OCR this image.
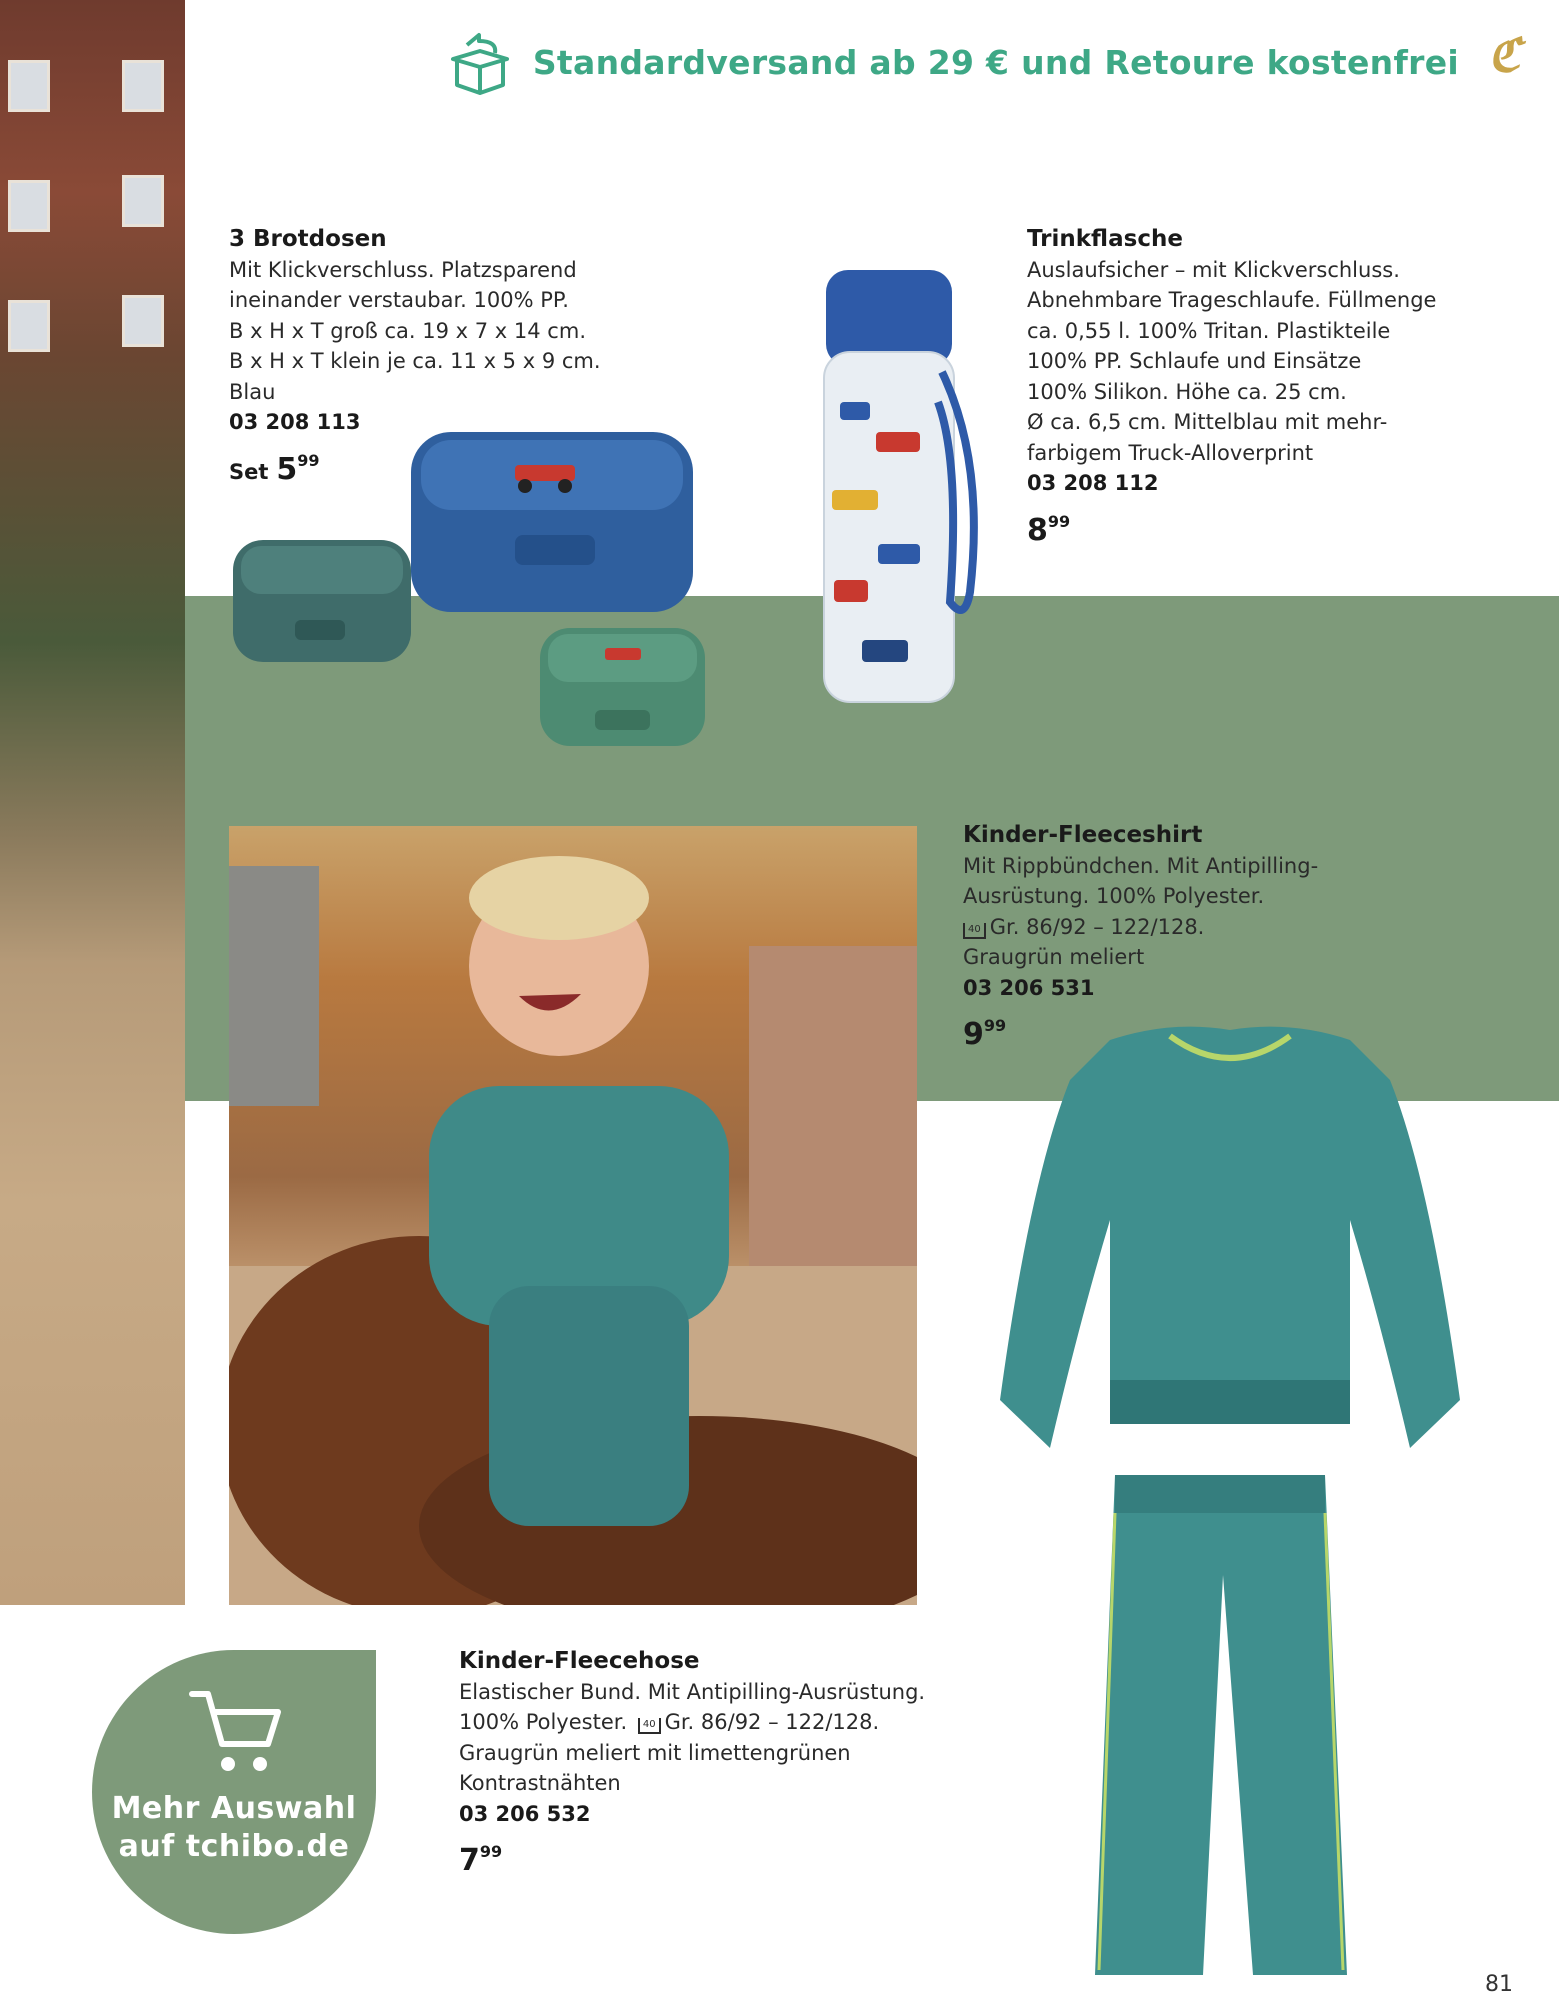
Standardversand ab 29 € und Retoure kostenfrei ℭ
3 Brotdosen
Mit Klickverschluss. Platzsparend
ineinander verstaubar. 100% PP.
B x H x T groß ca. 19 x 7 x 14 cm.
B x H x T klein je ca. 11 x 5 x 9 cm.
Blau
03 208 113
Set $5^{99}$
Trinkflasche
Auslaufsicher – mit Klickverschluss.
Abnehmbare Trageschlaufe. Füllmenge
ca. 0,55 l. 100% Tritan. Plastikteile
100% PP. Schlaufe und Einsätze
100% Silikon. Höhe ca. 25 cm.
Ø ca. 6,5 cm. Mittelblau mit mehr-
farbigem Truck-Alloverprint
03 208 112
$8^{99}$
Kinder-Fleeceshirt
Mit Rippbündchen. Mit Antipilling-
Ausrüstung. 100% Polyester.
40 Gr. 86/92 – 122/128.
Graugrün meliert
03 206 531
$9^{99}$
Kinder-Fleecehose
Elastischer Bund. Mit Antipilling-Ausrüstung.
100% Polyester. 40 Gr. 86/92 – 122/128.
Graugrün meliert mit limettengrünen
Kontrastnähten
03 206 532
$7^{99}$
Mehr Auswahl
auf tchibo.de
81
